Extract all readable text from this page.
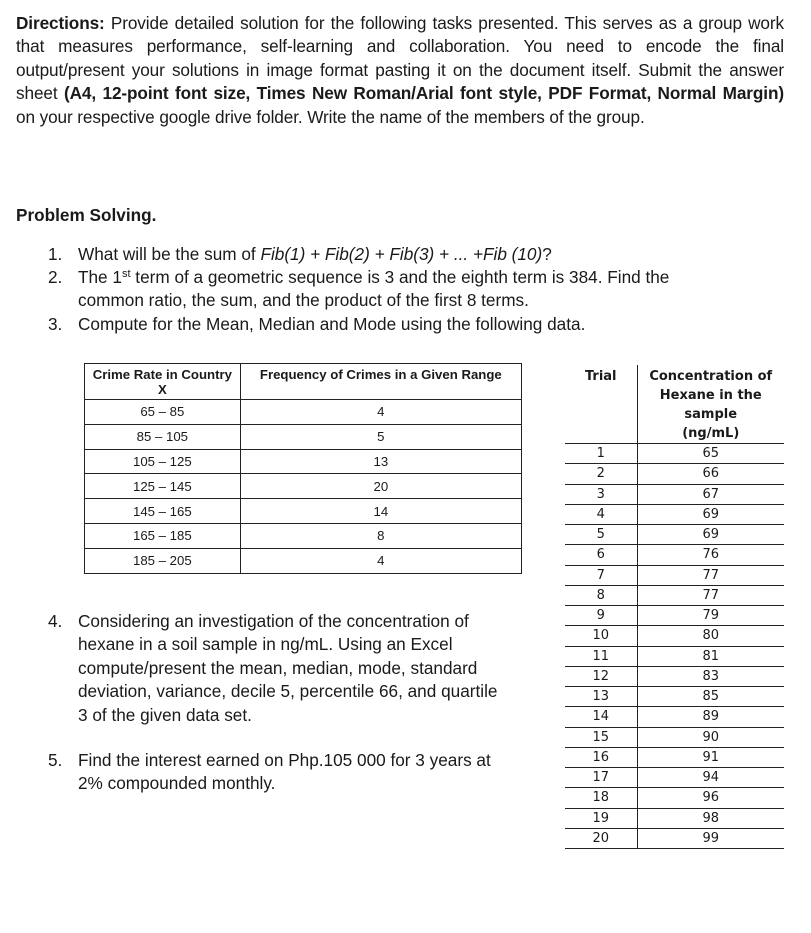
Directions: Provide detailed solution for the following tasks presented. This serves as a group work that measures performance, self-learning and collaboration. You need to encode the final output/present your solutions in image format pasting it on the document itself. Submit the answer sheet (A4, 12-point font size, Times New Roman/Arial font style, PDF Format, Normal Margin) on your respective google drive folder. Write the name of the members of the group.
Problem Solving.
1. What will be the sum of Fib(1) + Fib(2) + Fib(3) + ... +Fib (10)?
2. The 1st term of a geometric sequence is 3 and the eighth term is 384. Find the
common ratio, the sum, and the product of the first 8 terms.
3. Compute for the Mean, Median and Mode using the following data.
Crime Rate in Country
X	Frequency of Crimes in a Given Range
65 – 85	4
85 – 105	5
105 – 125	13
125 – 145	20
145 – 165	14
165 – 185	8
185 – 205	4
Trial	Concentration of
Hexane in the sample
(ng/mL)
1	65
2	66
3	67
4	69
5	69
6	76
7	77
8	77
9	79
10	80
11	81
12	83
13	85
14	89
15	90
16	91
17	94
18	96
19	98
20	99
4. Considering an investigation of the concentration of
hexane in a soil sample in ng/mL. Using an Excel
compute/present the mean, median, mode, standard
deviation, variance, decile 5, percentile 66, and quartile
3 of the given data set.
5. Find the interest earned on Php.105 000 for 3 years at
2% compounded monthly.
